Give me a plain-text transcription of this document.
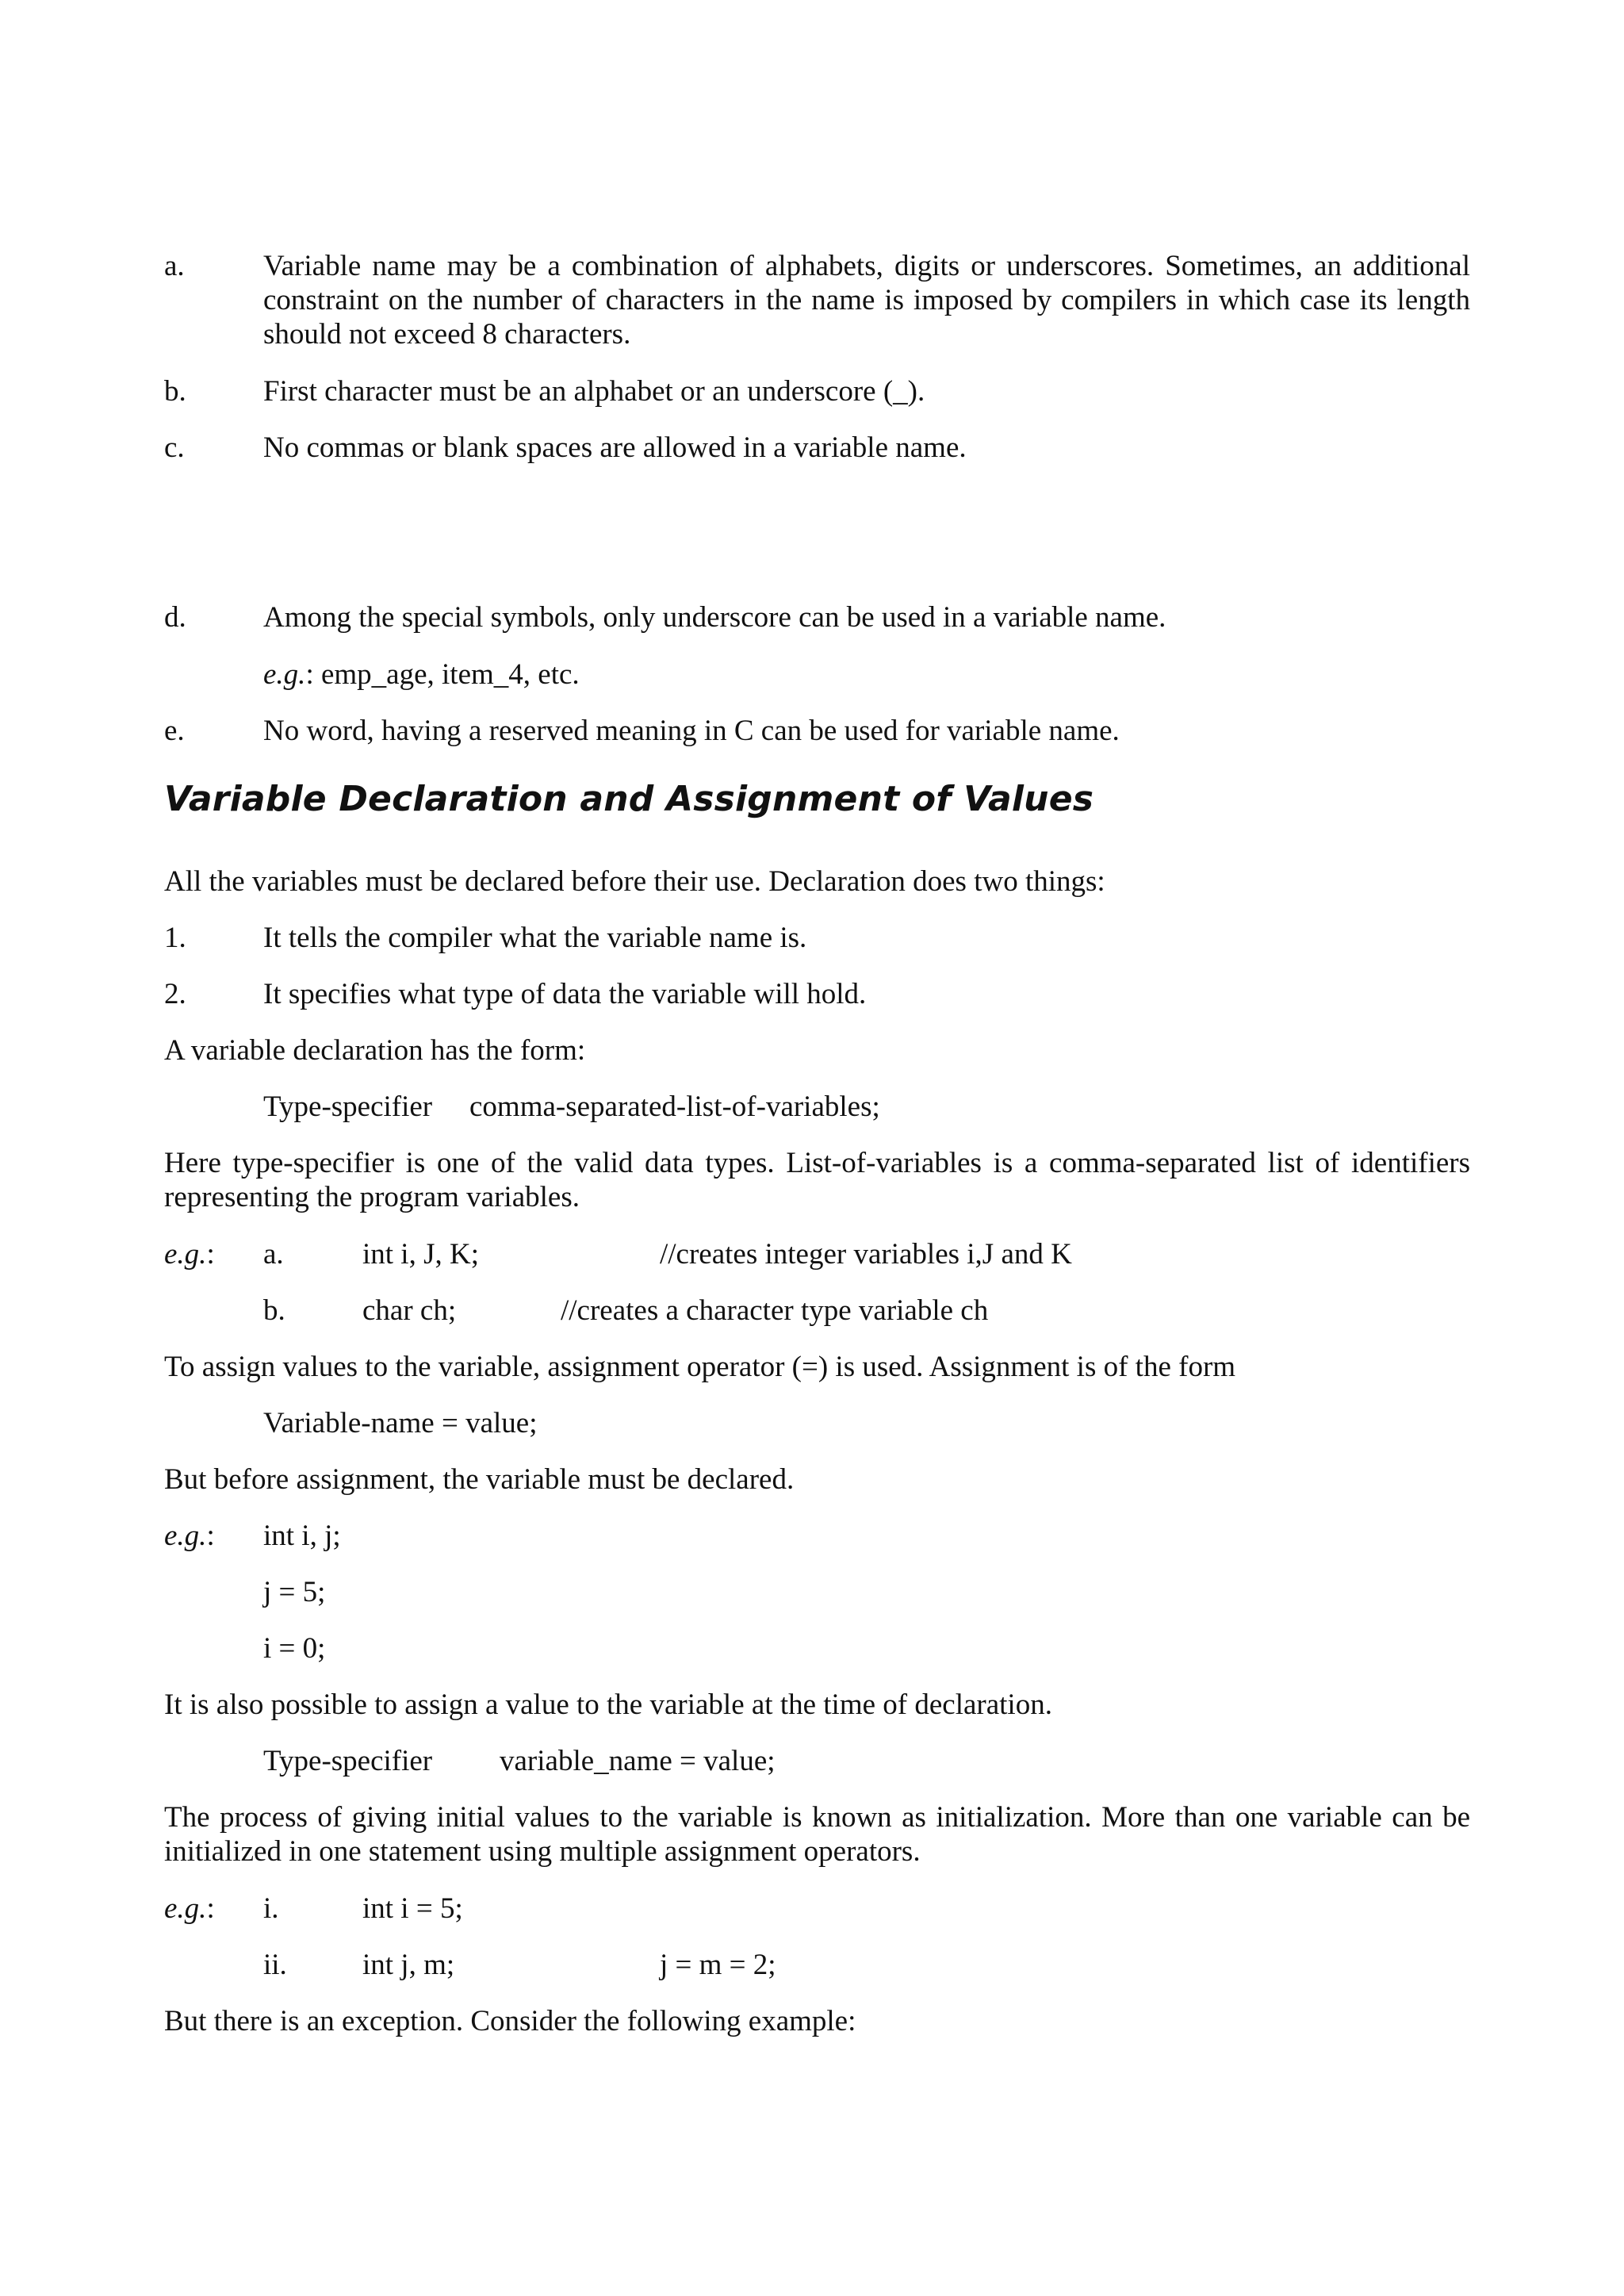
a.	Variable name may be a combination of alphabets, digits or underscores. Sometimes, an additional constraint on the number of characters in the name is imposed by compilers in which case its length should not exceed 8 characters.
b.	First character must be an alphabet or an underscore (_).
c.	No commas or blank spaces are allowed in a variable name.
d.	Among the special symbols, only underscore can be used in a variable name.
e.g.: emp_age, item_4, etc.
e.	No word, having a reserved meaning in C can be used for variable name.
Variable Declaration and Assignment of Values
All the variables must be declared before their use. Declaration does two things:
1.	It tells the compiler what the variable name is.
2.	It specifies what type of data the variable will hold.
A variable declaration has the form:
Type-specifier comma-separated-list-of-variables;
Here type-specifier is one of the valid data types. List-of-variables is a comma-separated list of identifiers representing the program variables.
e.g.: a.	int i, J, K;	//creates integer variables i,J and K
b.	char ch;	//creates a character type variable ch
To assign values to the variable, assignment operator (=) is used. Assignment is of the form
Variable-name = value;
But before assignment, the variable must be declared.
e.g.: int i, j;
j = 5;
i = 0;
It is also possible to assign a value to the variable at the time of declaration.
Type-specifier variable_name = value;
The process of giving initial values to the variable is known as initialization. More than one variable can be initialized in one statement using multiple assignment operators.
e.g.: i.	int i = 5;
ii.	int j, m;	j = m = 2;
But there is an exception. Consider the following example:
